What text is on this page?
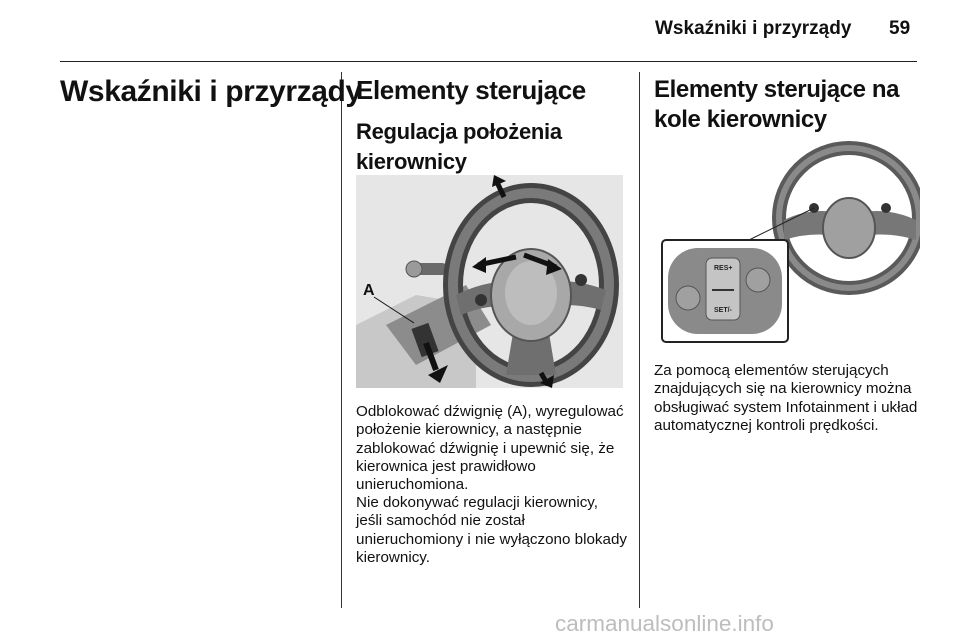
Wskaźniki i przyrządy 59
Wskaźniki i przyrządy
Elementy sterujące
Regulacja położenia kierownicy
A

Odblokować dźwignię (A), wyregulować położenie kierownicy, a następnie zablokować dźwignię i upewnić się, że kierownica jest prawidłowo unieruchomiona.

Nie dokonywać regulacji kierownicy, jeśli samochód nie został unieruchomiony i nie wyłączono blokady kierownicy.

Elementy sterujące na kole kierownicy
RES+
SET/-

Za pomocą elementów sterujących znajdujących się na kierownicy można obsługiwać system Infotainment i układ automatycznej kontroli prędkości.

carmanualsonline.info
